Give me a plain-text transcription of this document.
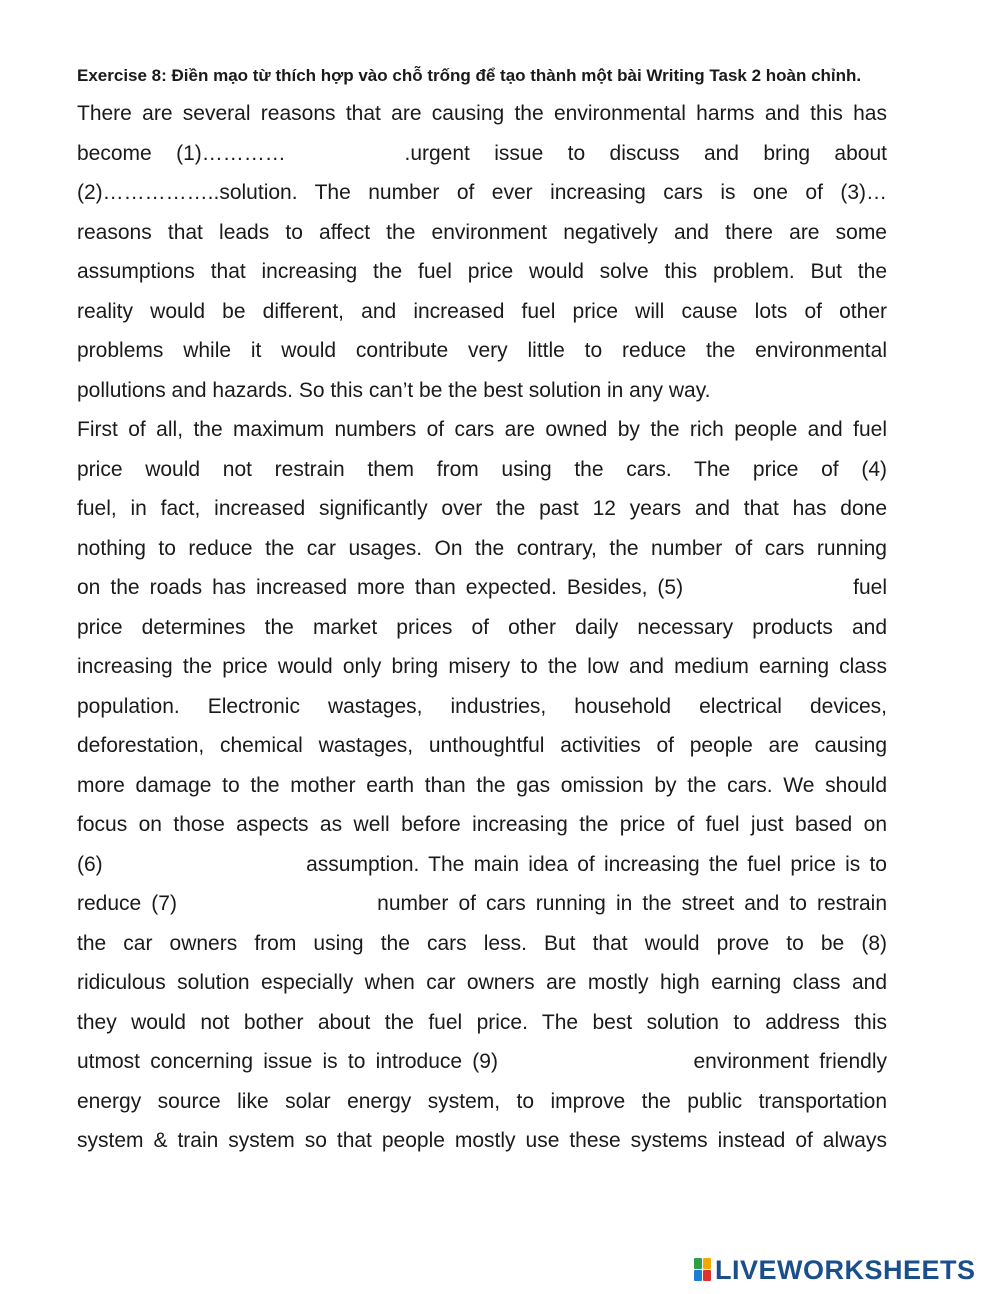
Exercise 8: Điền mạo từ thích hợp vào chỗ trống để tạo thành một bài Writing Task 2 hoàn chỉnh.

There are several reasons that are causing the environmental harms and this has
become (1)…………	.urgent issue to discuss and bring about
(2)……………..solution. The number of ever increasing cars is one of (3)…
reasons that leads to affect the environment negatively and there are some
assumptions that increasing the fuel price would solve this problem. But the
reality would be different, and increased fuel price will cause lots of other
problems while it would contribute very little to reduce the environmental
pollutions and hazards. So this can’t be the best solution in any way.
First of all, the maximum numbers of cars are owned by the rich people and fuel
price would not restrain them from using the cars. The price of (4)
fuel, in fact, increased significantly over the past 12 years and that has done
nothing to reduce the car usages. On the contrary, the number of cars running
on the roads has increased more than expected. Besides, (5)	fuel
price determines the market prices of other daily necessary products and
increasing the price would only bring misery to the low and medium earning class
population. Electronic wastages, industries, household electrical devices,
deforestation, chemical wastages, unthoughtful activities of people are causing
more damage to the mother earth than the gas omission by the cars. We should
focus on those aspects as well before increasing the price of fuel just based on
(6)	assumption. The main idea of increasing the fuel price is to
reduce (7)	number of cars running in the street and to restrain
the car owners from using the cars less. But that would prove to be (8)
ridiculous solution especially when car owners are mostly high earning class and
they would not bother about the fuel price. The best solution to address this
utmost concerning issue is to introduce (9)	environment friendly
energy source like solar energy system, to improve the public transportation
system & train system so that people mostly use these systems instead of always
LIVEWORKSHEETS
